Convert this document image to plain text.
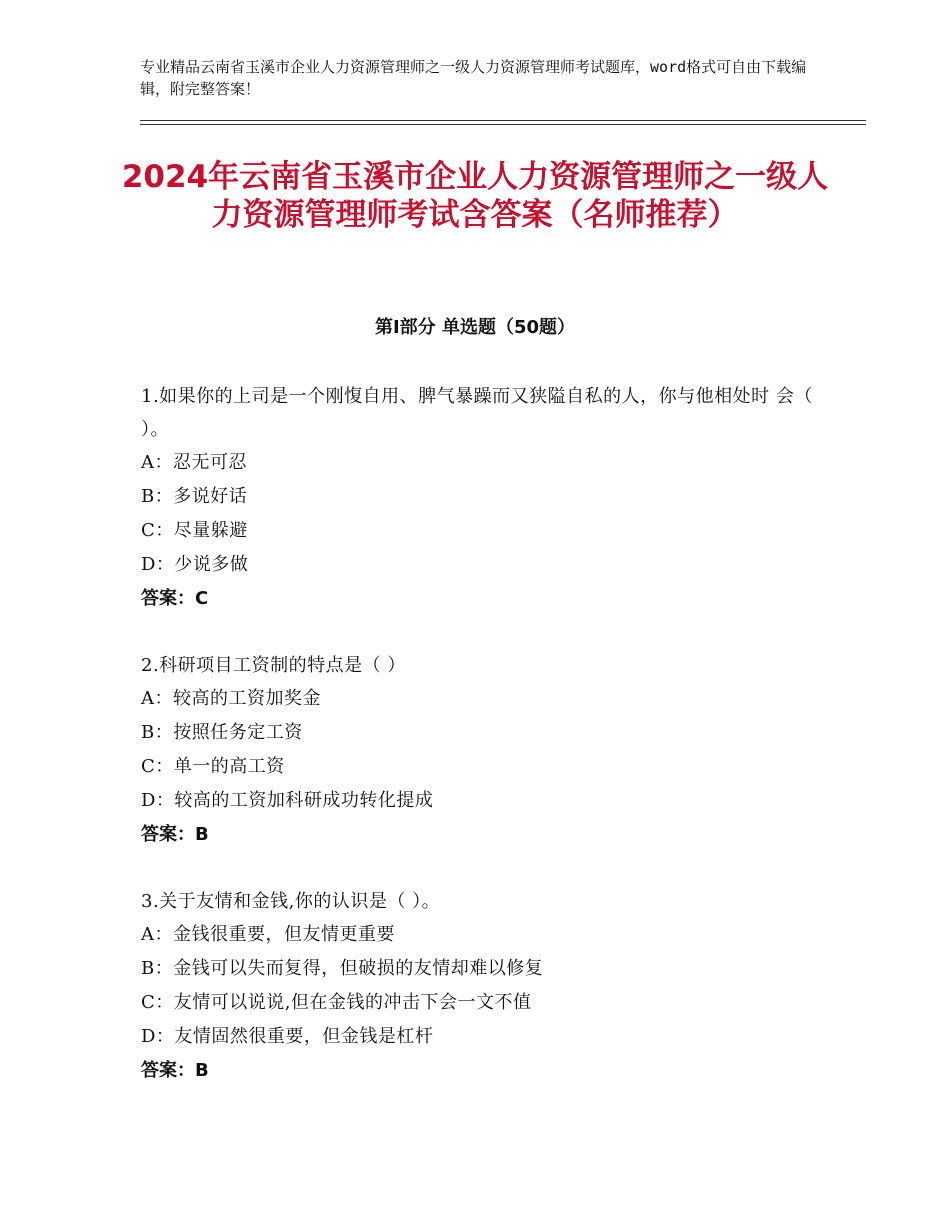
专业精品云南省玉溪市企业人力资源管理师之一级人力资源管理师考试题库，word格式可自由下载编辑，附完整答案！
2024年云南省玉溪市企业人力资源管理师之一级人力资源管理师考试含答案（名师推荐）
第Ⅰ部分 单选题（50题）

1.如果你的上司是一个刚愎自用、脾气暴躁而又狭隘自私的人，你与他相处时 会（ ）。

A：忍无可忍

B：多说好话

C：尽量躲避

D：少说多做

答案：C

2.科研项目工资制的特点是（ ）

A：较高的工资加奖金

B：按照任务定工资

C：单一的高工资

D：较高的工资加科研成功转化提成

答案：B

3.关于友情和金钱,你的认识是（ ）。

A：金钱很重要，但友情更重要

B：金钱可以失而复得，但破损的友情却难以修复

C：友情可以说说,但在金钱的冲击下会一文不值

D：友情固然很重要，但金钱是杠杆

答案：B
